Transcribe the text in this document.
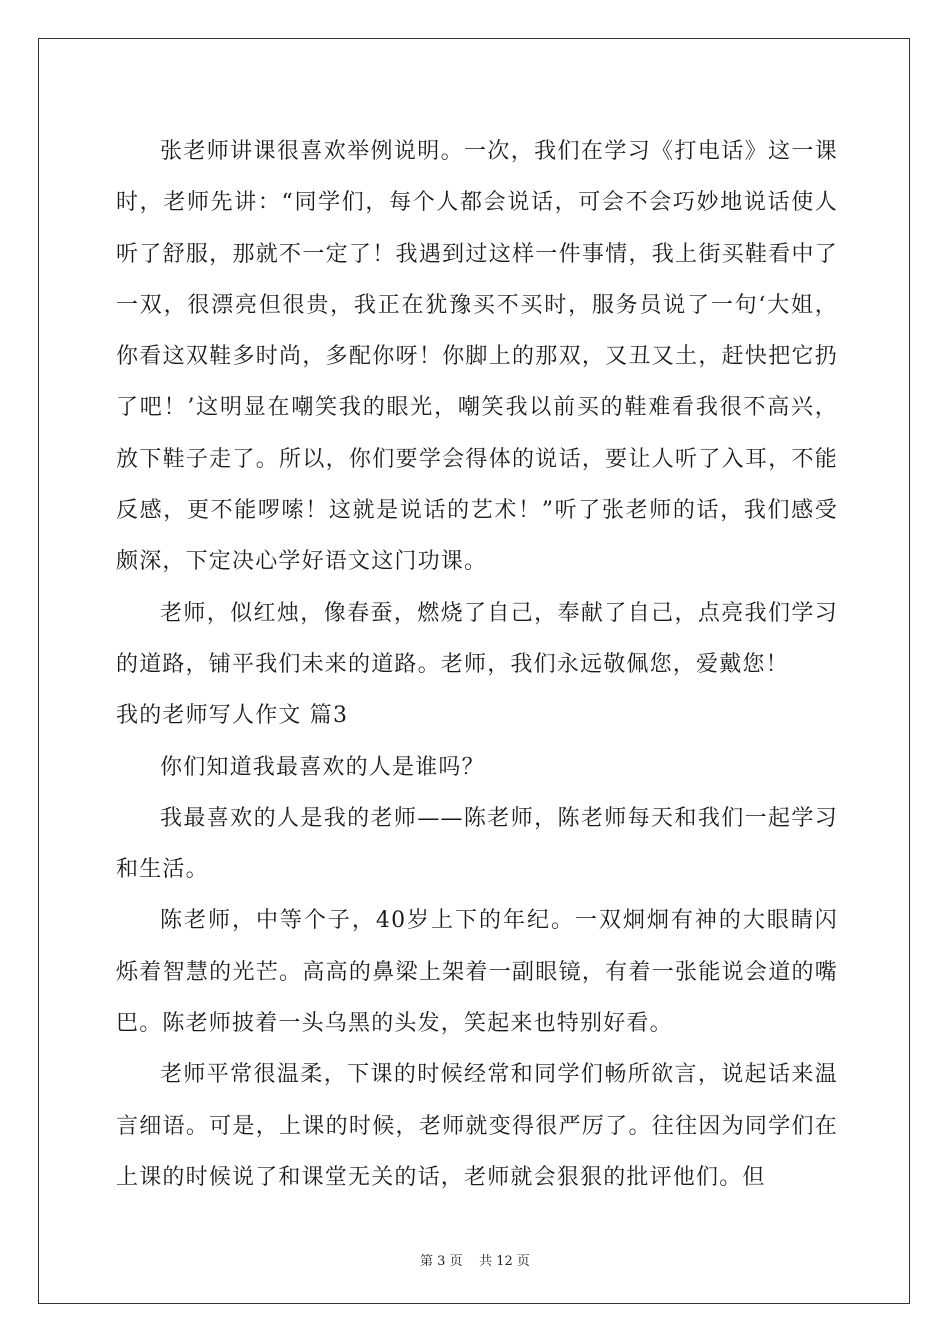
张老师讲课很喜欢举例说明。一次，我们在学习《打电话》这一课时，老师先讲：“同学们，每个人都会说话，可会不会巧妙地说话使人听了舒服，那就不一定了！我遇到过这样一件事情，我上街买鞋看中了一双，很漂亮但很贵，我正在犹豫买不买时，服务员说了一句‘大姐，你看这双鞋多时尚，多配你呀！你脚上的那双，又丑又土，赶快把它扔了吧！’这明显在嘲笑我的眼光，嘲笑我以前买的鞋难看我很不高兴，放下鞋子走了。所以，你们要学会得体的说话，要让人听了入耳，不能反感，更不能啰嗦！这就是说话的艺术！”听了张老师的话，我们感受颇深，下定决心学好语文这门功课。

老师，似红烛，像春蚕，燃烧了自己，奉献了自己，点亮我们学习的道路，铺平我们未来的道路。老师，我们永远敬佩您，爱戴您！

我的老师写人作文 篇3

你们知道我最喜欢的人是谁吗？

我最喜欢的人是我的老师——陈老师，陈老师每天和我们一起学习和生活。

陈老师，中等个子，40岁上下的年纪。一双炯炯有神的大眼睛闪烁着智慧的光芒。高高的鼻梁上架着一副眼镜，有着一张能说会道的嘴巴。陈老师披着一头乌黑的头发，笑起来也特别好看。

老师平常很温柔，下课的时候经常和同学们畅所欲言，说起话来温言细语。可是，上课的时候，老师就变得很严厉了。往往因为同学们在上课的时候说了和课堂无关的话，老师就会狠狠的批评他们。但

第 3 页 共 12 页
